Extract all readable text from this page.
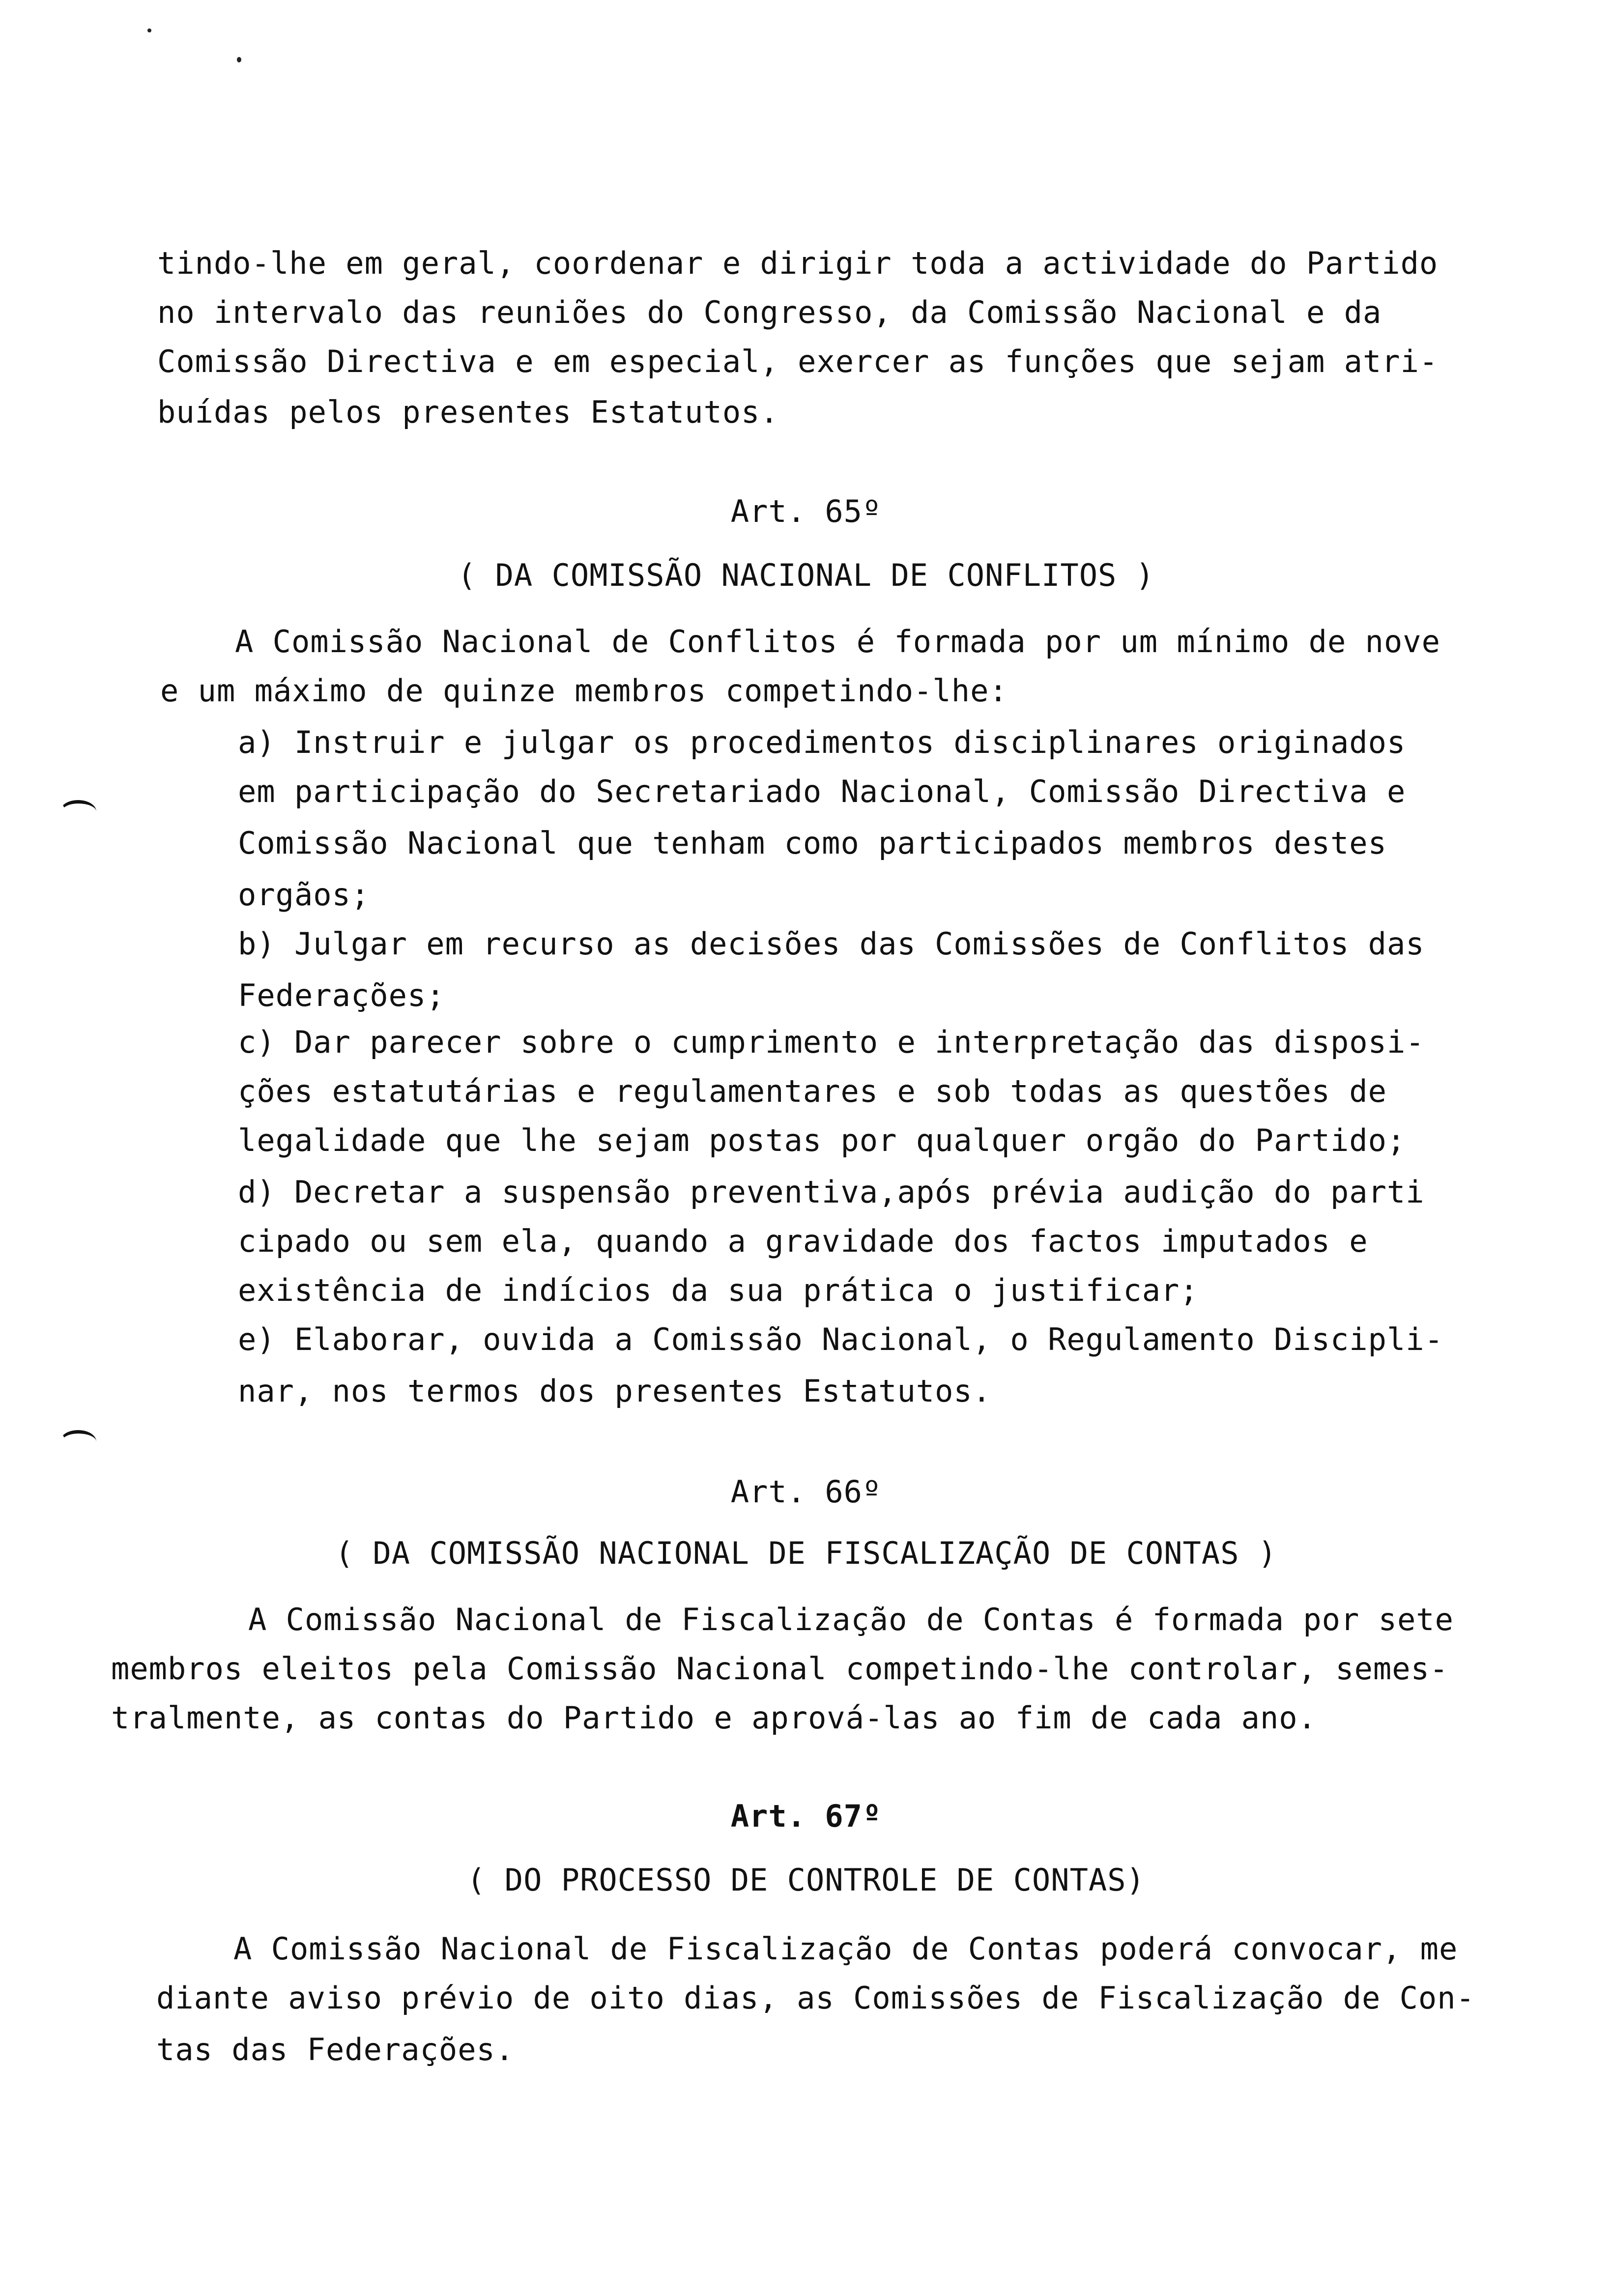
tindo-lhe em geral, coordenar e dirigir toda a actividade do Partido
no intervalo das reuniões do Congresso, da Comissão Nacional e da
Comissão Directiva e em especial, exercer as funções que sejam atri-
buídas pelos presentes Estatutos.
Art. 65º
( DA COMISSÃO NACIONAL DE CONFLITOS )
A Comissão Nacional de Conflitos é formada por um mínimo de nove
e um máximo de quinze membros competindo-lhe:
a) Instruir e julgar os procedimentos disciplinares originados
em participação do Secretariado Nacional, Comissão Directiva e
Comissão Nacional que tenham como participados membros destes
orgãos;
b) Julgar em recurso as decisões das Comissões de Conflitos das
Federações;
c) Dar parecer sobre o cumprimento e interpretação das disposi-
ções estatutárias e regulamentares e sob todas as questões de
legalidade que lhe sejam postas por qualquer orgão do Partido;
d) Decretar a suspensão preventiva,após prévia audição do parti
cipado ou sem ela, quando a gravidade dos factos imputados e
existência de indícios da sua prática o justificar;
e) Elaborar, ouvida a Comissão Nacional, o Regulamento Discipli-
nar, nos termos dos presentes Estatutos.
Art. 66º
( DA COMISSÃO NACIONAL DE FISCALIZAÇÃO DE CONTAS )
A Comissão Nacional de Fiscalização de Contas é formada por sete
membros eleitos pela Comissão Nacional competindo-lhe controlar, semes-
tralmente, as contas do Partido e aprová-las ao fim de cada ano.
Art. 67º
( DO PROCESSO DE CONTROLE DE CONTAS)
A Comissão Nacional de Fiscalização de Contas poderá convocar, me
diante aviso prévio de oito dias, as Comissões de Fiscalização de Con-
tas das Federações.
